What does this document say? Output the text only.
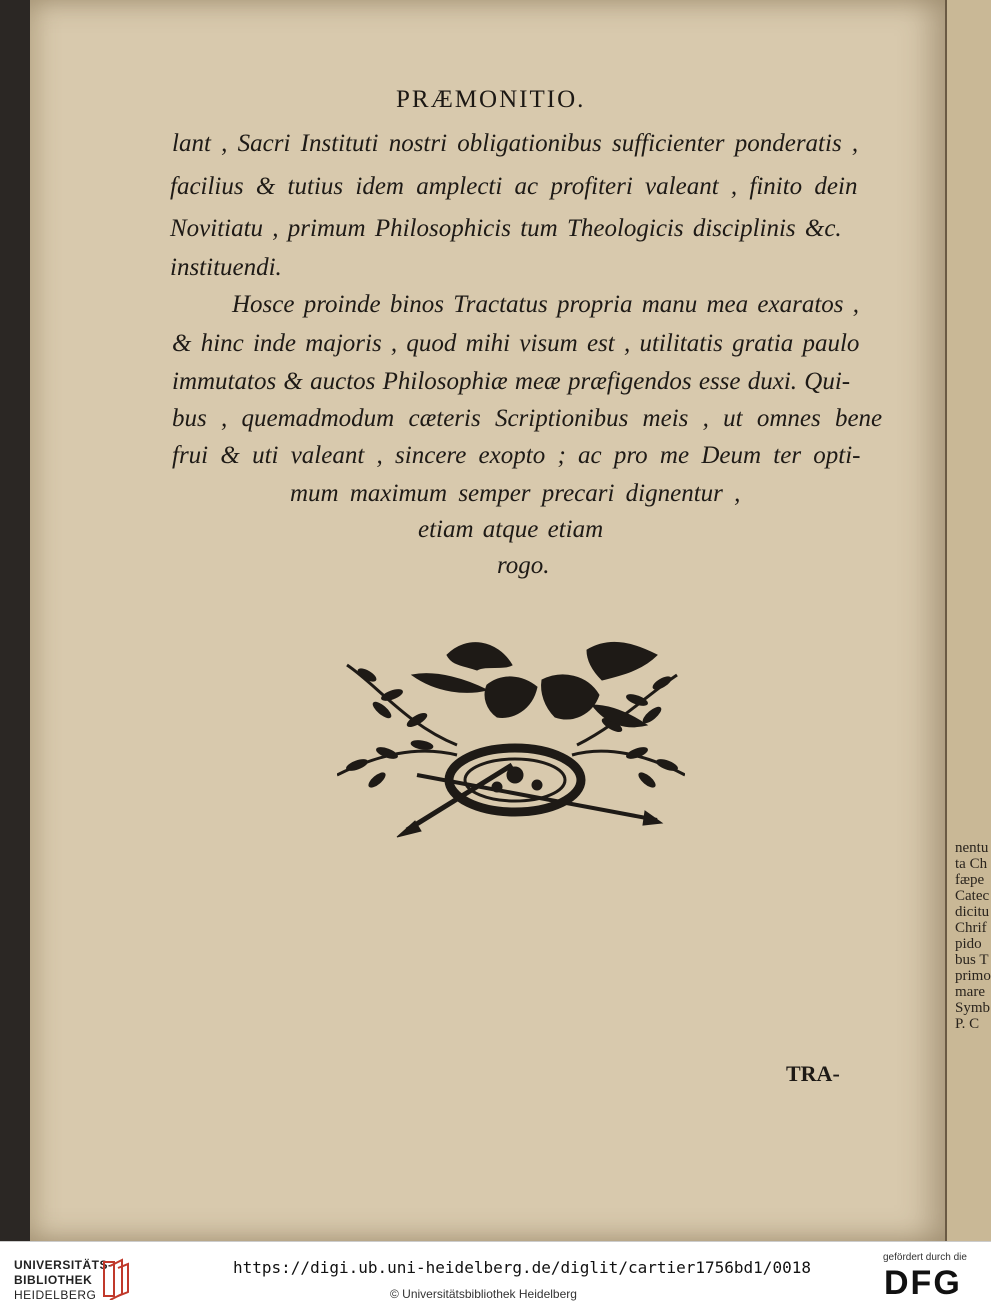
nentu
ta Ch
fæpe
Catec
dicitu
Chrif
pido
bus T
primo
mare
Symb
P. C
PRÆMONITIO.
lant , Sacri Instituti nostri obligationibus sufficienter ponderatis ,
facilius & tutius idem amplecti ac profiteri valeant , finito dein
Novitiatu , primum Philosophicis tum Theologicis disciplinis &c.
instituendi.
Hosce proinde binos Tractatus propria manu mea exaratos ,
& hinc inde majoris , quod mihi visum est , utilitatis gratia paulo
immutatos & auctos Philosophiæ meæ præfigendos esse duxi. Qui-
bus , quemadmodum cæteris Scriptionibus meis , ut omnes bene
frui & uti valeant , sincere exopto ; ac pro me Deum ter opti-
mum maximum semper precari dignentur ,
etiam atque etiam
rogo.
TRA-
UNIVERSITÄTS-
BIBLIOTHEK
HEIDELBERG
https://digi.ub.uni-heidelberg.de/diglit/cartier1756bd1/0018
© Universitätsbibliothek Heidelberg
gefördert durch die
DFG
